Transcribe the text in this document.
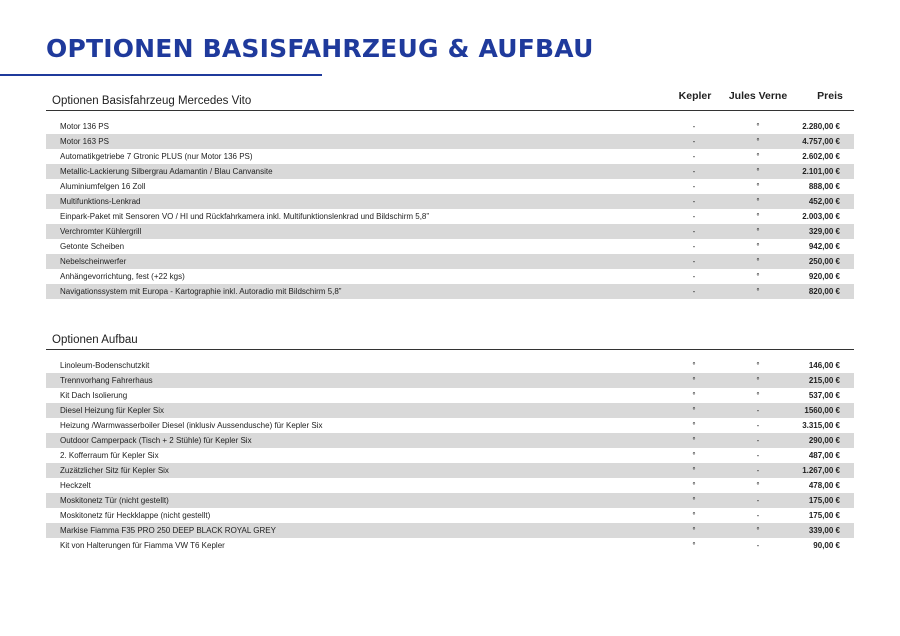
OPTIONEN BASISFAHRZEUG & AUFBAU
Kepler Jules Verne	Preis
Optionen Basisfahrzeug Mercedes Vito
Motor 136 PS	-	°	2.280,00 €
Motor 163 PS	-	°	4.757,00 €
Automatikgetriebe 7 Gtronic PLUS (nur Motor 136 PS)	-	°	2.602,00 €
Metallic-Lackierung Silbergrau Adamantin / Blau Canvansite	-	°	2.101,00 €
Aluminiumfelgen 16 Zoll	-	°	888,00 €
Multifunktions-Lenkrad	-	°	452,00 €
Einpark-Paket mit Sensoren VO / HI und Rückfahrkamera inkl. Multifunktionslenkrad und Bildschirm 5,8”	-	°	2.003,00 €
Verchromter Kühlergrill	-	°	329,00 €
Getonte Scheiben	-	°	942,00 €
Nebelscheinwerfer	-	°	250,00 €
Anhängevorrichtung, fest (+22 kgs)	-	°	920,00 €
Navigationssystem mit Europa - Kartographie inkl. Autoradio mit Bildschirm 5,8”	-	°	820,00 €
Optionen Aufbau
Linoleum-Bodenschutzkit	°	°	146,00 €
Trennvorhang Fahrerhaus	°	°	215,00 €
Kit Dach Isolierung	°	°	537,00 €
Diesel Heizung für Kepler Six	°	-	1560,00 €
Heizung /Warmwasserboiler Diesel (inklusiv Aussendusche) für Kepler Six	°	-	3.315,00 €
Outdoor Camperpack (Tisch + 2 Stühle) für Kepler Six	°	-	290,00 €
2. Kofferraum für Kepler Six	°	-	487,00 €
Zuzätzlicher Sitz für Kepler Six	°	-	1.267,00 €
Heckzelt	°	°	478,00 €
Moskitonetz Tür (nicht gestellt)	°	-	175,00 €
Moskitonetz für Heckklappe (nicht gestellt)	°	-	175,00 €
Markise Fiamma F35 PRO 250 DEEP BLACK ROYAL GREY	°	°	339,00 €
Kit von Halterungen für Fiamma VW T6 Kepler	°	-	90,00 €
